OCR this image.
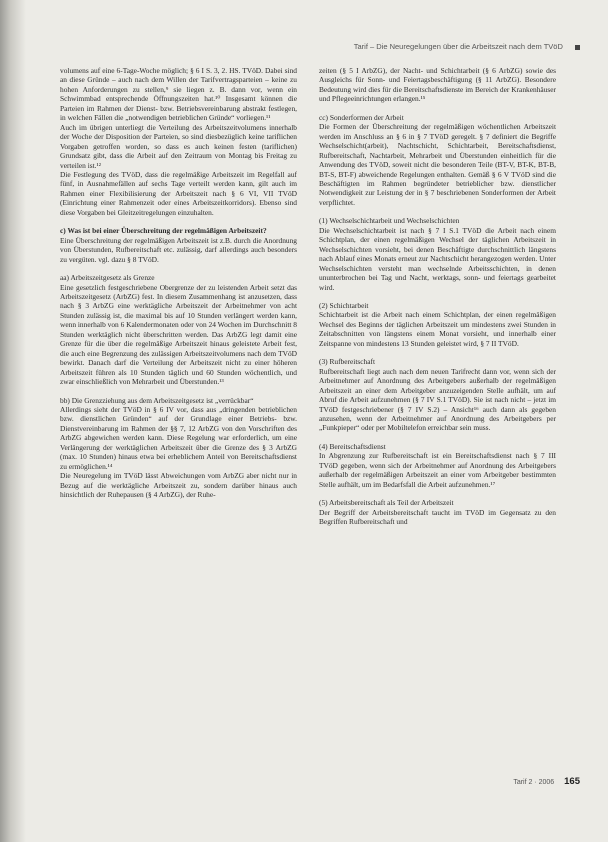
Tarif – Die Neuregelungen über die Arbeitszeit nach dem TVöD

volumens auf eine 6-Tage-Woche möglich; § 6 I S. 3, 2. HS. TVöD. Dabei sind an diese Gründe – auch nach dem Willen der Tarifvertragsparteien – keine zu hohen Anforderungen zu stellen,⁹ sie liegen z. B. dann vor, wenn ein Schwimmbad entsprechende Öffnungszeiten hat.¹⁰ Insgesamt können die Parteien im Rahmen der Dienst- bzw. Betriebsvereinbarung abstrakt festlegen, in welchen Fällen die „notwendigen betrieblichen Gründe“ vorliegen.¹¹

Auch im übrigen unterliegt die Verteilung des Arbeitszeitvolumens innerhalb der Woche der Disposition der Parteien, so sind diesbezüglich keine tariflichen Vorgaben getroffen worden, so dass es auch keinen festen (tariflichen) Grundsatz gibt, dass die Arbeit auf den Zeitraum von Montag bis Freitag zu verteilen ist.¹²

Die Festlegung des TVöD, dass die regelmäßige Arbeitszeit im Regelfall auf fünf, in Ausnahmefällen auf sechs Tage verteilt werden kann, gilt auch im Rahmen einer Flexibilisierung der Arbeitszeit nach § 6 VI, VII TVöD (Einrichtung einer Rahmenzeit oder eines Arbeitszeitkorridors). Ebenso sind diese Vorgaben bei Gleitzeitregelungen einzuhalten.

c) Was ist bei einer Überschreitung der regelmäßigen Arbeitszeit?

Eine Überschreitung der regelmäßigen Arbeitszeit ist z.B. durch die Anordnung von Überstunden, Rufbereitschaft etc. zulässig, darf allerdings auch besonders zu vergüten. vgl. dazu § 8 TVöD.

aa) Arbeitszeitgesetz als Grenze

Eine gesetzlich festgeschriebene Obergrenze der zu leistenden Arbeit setzt das Arbeitszeitgesetz (ArbZG) fest. In diesem Zusammenhang ist anzusetzen, dass nach § 3 ArbZG eine werktägliche Arbeitszeit der Arbeitnehmer von acht Stunden zulässig ist, die maximal bis auf 10 Stunden verlängert werden kann, wenn innerhalb von 6 Kalendermonaten oder von 24 Wochen im Durchschnitt 8 Stunden werktäglich nicht überschritten werden. Das ArbZG legt damit eine Grenze für die über die regelmäßige Arbeitszeit hinaus geleistete Arbeit fest, die auch eine Begrenzung des zulässigen Arbeitszeitvolumens nach dem TVöD bewirkt. Danach darf die Verteilung der Arbeitszeit nicht zu einer höheren Arbeitszeit führen als 10 Stunden täglich und 60 Stunden wöchentlich, und zwar einschließlich von Mehrarbeit und Überstunden.¹³

bb) Die Grenzziehung aus dem Arbeitszeitgesetz ist „verrückbar“

Allerdings sieht der TVöD in § 6 IV vor, dass aus „dringenden betrieblichen bzw. dienstlichen Gründen“ auf der Grundlage einer Betriebs- bzw. Dienstvereinbarung im Rahmen der §§ 7, 12 ArbZG von den Vorschriften des ArbZG abgewichen werden kann. Diese Regelung war erforderlich, um eine Verlängerung der werktäglichen Arbeitszeit über die Grenze des § 3 ArbZG (max. 10 Stunden) hinaus etwa bei erheblichem Anteil von Bereitschaftsdienst zu ermöglichen.¹⁴

Die Neuregelung im TVöD lässt Abweichungen vom ArbZG aber nicht nur in Bezug auf die werktägliche Arbeitszeit zu, sondern darüber hinaus auch hinsichtlich der Ruhepausen (§ 4 ArbZG), der Ruhe-

zeiten (§ 5 I ArbZG), der Nacht- und Schichtarbeit (§ 6 ArbZG) sowie des Ausgleichs für Sonn- und Feiertagsbeschäftigung (§ 11 ArbZG). Besondere Bedeutung wird dies für die Bereitschaftsdienste im Bereich der Krankenhäuser und Pflegeeinrichtungen erlangen.¹⁵

cc) Sonderformen der Arbeit

Die Formen der Überschreitung der regelmäßigen wöchentlichen Arbeitszeit werden im Anschluss an § 6 in § 7 TVöD geregelt. § 7 definiert die Begriffe Wechselschicht(arbeit), Nachtschicht, Schichtarbeit, Bereitschaftsdienst, Rufbereitschaft, Nachtarbeit, Mehrarbeit und Überstunden einheitlich für die Anwendung des TVöD, soweit nicht die besonderen Teile (BT-V, BT-K, BT-B, BT-S, BT-F) abweichende Regelungen enthalten. Gemäß § 6 V TVöD sind die Beschäftigten im Rahmen begründeter betrieblicher bzw. dienstlicher Notwendigkeit zur Leistung der in § 7 beschriebenen Sonderformen der Arbeit verpflichtet.

(1) Wechselschichtarbeit und Wechselschichten

Die Wechselschichtarbeit ist nach § 7 I S.1 TVöD die Arbeit nach einem Schichtplan, der einen regelmäßigen Wechsel der täglichen Arbeitszeit in Wechselschichten vorsieht, bei denen Beschäftigte durchschnittlich längstens nach Ablauf eines Monats erneut zur Nachtschicht herangezogen werden. Unter Wechselschichten versteht man wechselnde Arbeitsschichten, in denen ununterbrochen bei Tag und Nacht, werktags, sonn- und feiertags gearbeitet wird.

(2) Schichtarbeit

Schichtarbeit ist die Arbeit nach einem Schichtplan, der einen regelmäßigen Wechsel des Beginns der täglichen Arbeitszeit um mindestens zwei Stunden in Zeitabschnitten von längstens einem Monat vorsieht, und innerhalb einer Zeitspanne von mindestens 13 Stunden geleistet wird, § 7 II TVöD.

(3) Rufbereitschaft

Rufbereitschaft liegt auch nach dem neuen Tarifrecht dann vor, wenn sich der Arbeitnehmer auf Anordnung des Arbeitgebers außerhalb der regelmäßigen Arbeitszeit an einer dem Arbeitgeber anzuzeigenden Stelle aufhält, um auf Abruf die Arbeit aufzunehmen (§ 7 IV S.1 TVöD). Sie ist nach nicht – jetzt im TVöD festgeschriebener (§ 7 IV S.2) – Ansicht¹⁶ auch dann als gegeben anzusehen, wenn der Arbeitnehmer auf Anordnung des Arbeitgebers per „Funkpieper“ oder per Mobiltelefon erreichbar sein muss.

(4) Bereitschaftsdienst

In Abgrenzung zur Rufbereitschaft ist ein Bereitschaftsdienst nach § 7 III TVöD gegeben, wenn sich der Arbeitnehmer auf Anordnung des Arbeitgebers außerhalb der regelmäßigen Arbeitszeit an einer vom Arbeitgeber bestimmten Stelle aufhält, um im Bedarfsfall die Arbeit aufzunehmen.¹⁷

(5) Arbeitsbereitschaft als Teil der Arbeitszeit

Der Begriff der Arbeitsbereitschaft taucht im TVöD im Gegensatz zu den Begriffen Rufbereitschaft und

Tarif 2 · 2006 165
